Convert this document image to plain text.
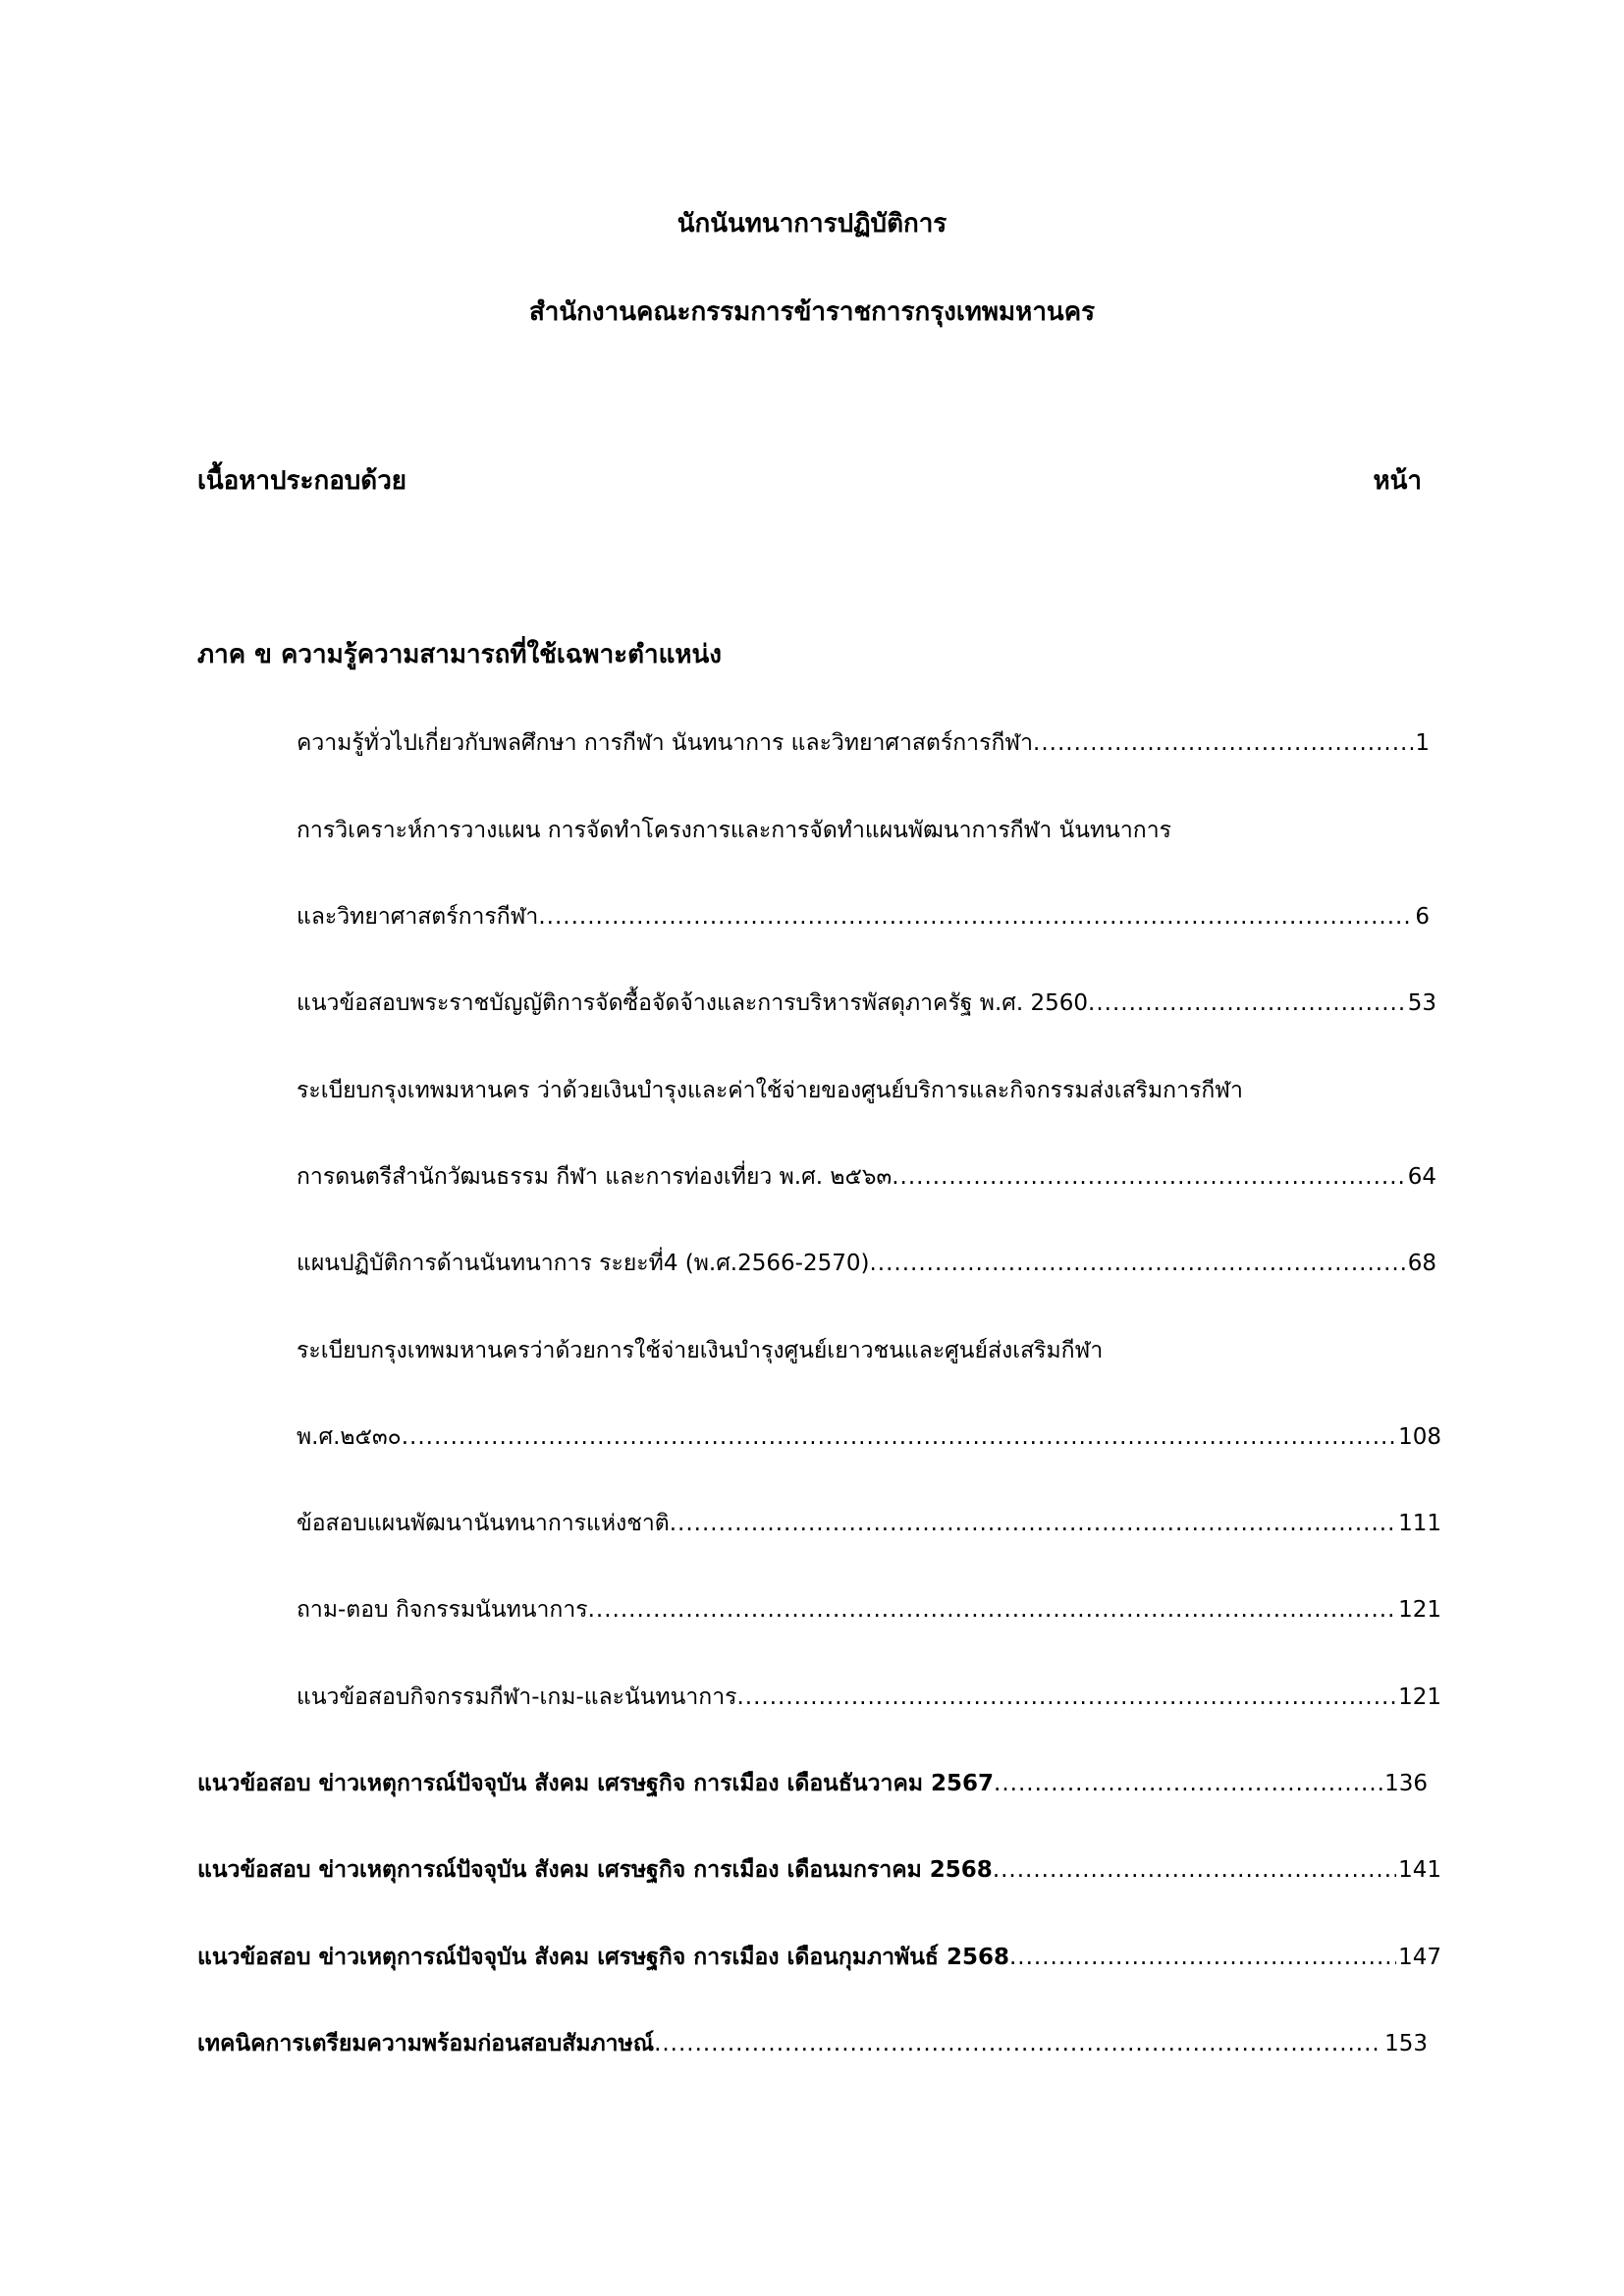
นักนันทนาการปฏิบัติการ
สำนักงานคณะกรรมการข้าราชการกรุงเทพมหานคร
เนื้อหาประกอบด้วย	หน้า
ภาค ข ความรู้ความสามารถที่ใช้เฉพาะตำแหน่ง
ความรู้ทั่วไปเกี่ยวกับพลศึกษา การกีฬา นันทนาการ และวิทยาศาสตร์การกีฬา .....	1
การวิเคราะห์การวางแผน การจัดทำโครงการและการจัดทำแผนพัฒนาการกีฬา นันทนาการ
และวิทยาศาสตร์การกีฬา .....	6
แนวข้อสอบพระราชบัญญัติการจัดซื้อจัดจ้างและการบริหารพัสดุภาครัฐ พ.ศ. 2560 .....	53
ระเบียบกรุงเทพมหานคร ว่าด้วยเงินบำรุงและค่าใช้จ่ายของศูนย์บริการและกิจกรรมส่งเสริมการกีฬา
การดนตรีสำนักวัฒนธรรม กีฬา และการท่องเที่ยว พ.ศ. ๒๕๖๓ .....	64
แผนปฏิบัติการด้านนันทนาการ ระยะที่4 (พ.ศ.2566-2570) .....	68
ระเบียบกรุงเทพมหานครว่าด้วยการใช้จ่ายเงินบำรุงศูนย์เยาวชนและศูนย์ส่งเสริมกีฬา
พ.ศ.๒๕๓๐ .....	108
ข้อสอบแผนพัฒนานันทนาการแห่งชาติ .....	111
ถาม-ตอบ กิจกรรมนันทนาการ .....	121
แนวข้อสอบกิจกรรมกีฬา-เกม-และนันทนาการ .....	121
แนวข้อสอบ ข่าวเหตุการณ์ปัจจุบัน สังคม เศรษฐกิจ การเมือง เดือนธันวาคม 2567 .....	136
แนวข้อสอบ ข่าวเหตุการณ์ปัจจุบัน สังคม เศรษฐกิจ การเมือง เดือนมกราคม 2568 .....	141
แนวข้อสอบ ข่าวเหตุการณ์ปัจจุบัน สังคม เศรษฐกิจ การเมือง เดือนกุมภาพันธ์ 2568 .....	147
เทคนิคการเตรียมความพร้อมก่อนสอบสัมภาษณ์ .....	153
